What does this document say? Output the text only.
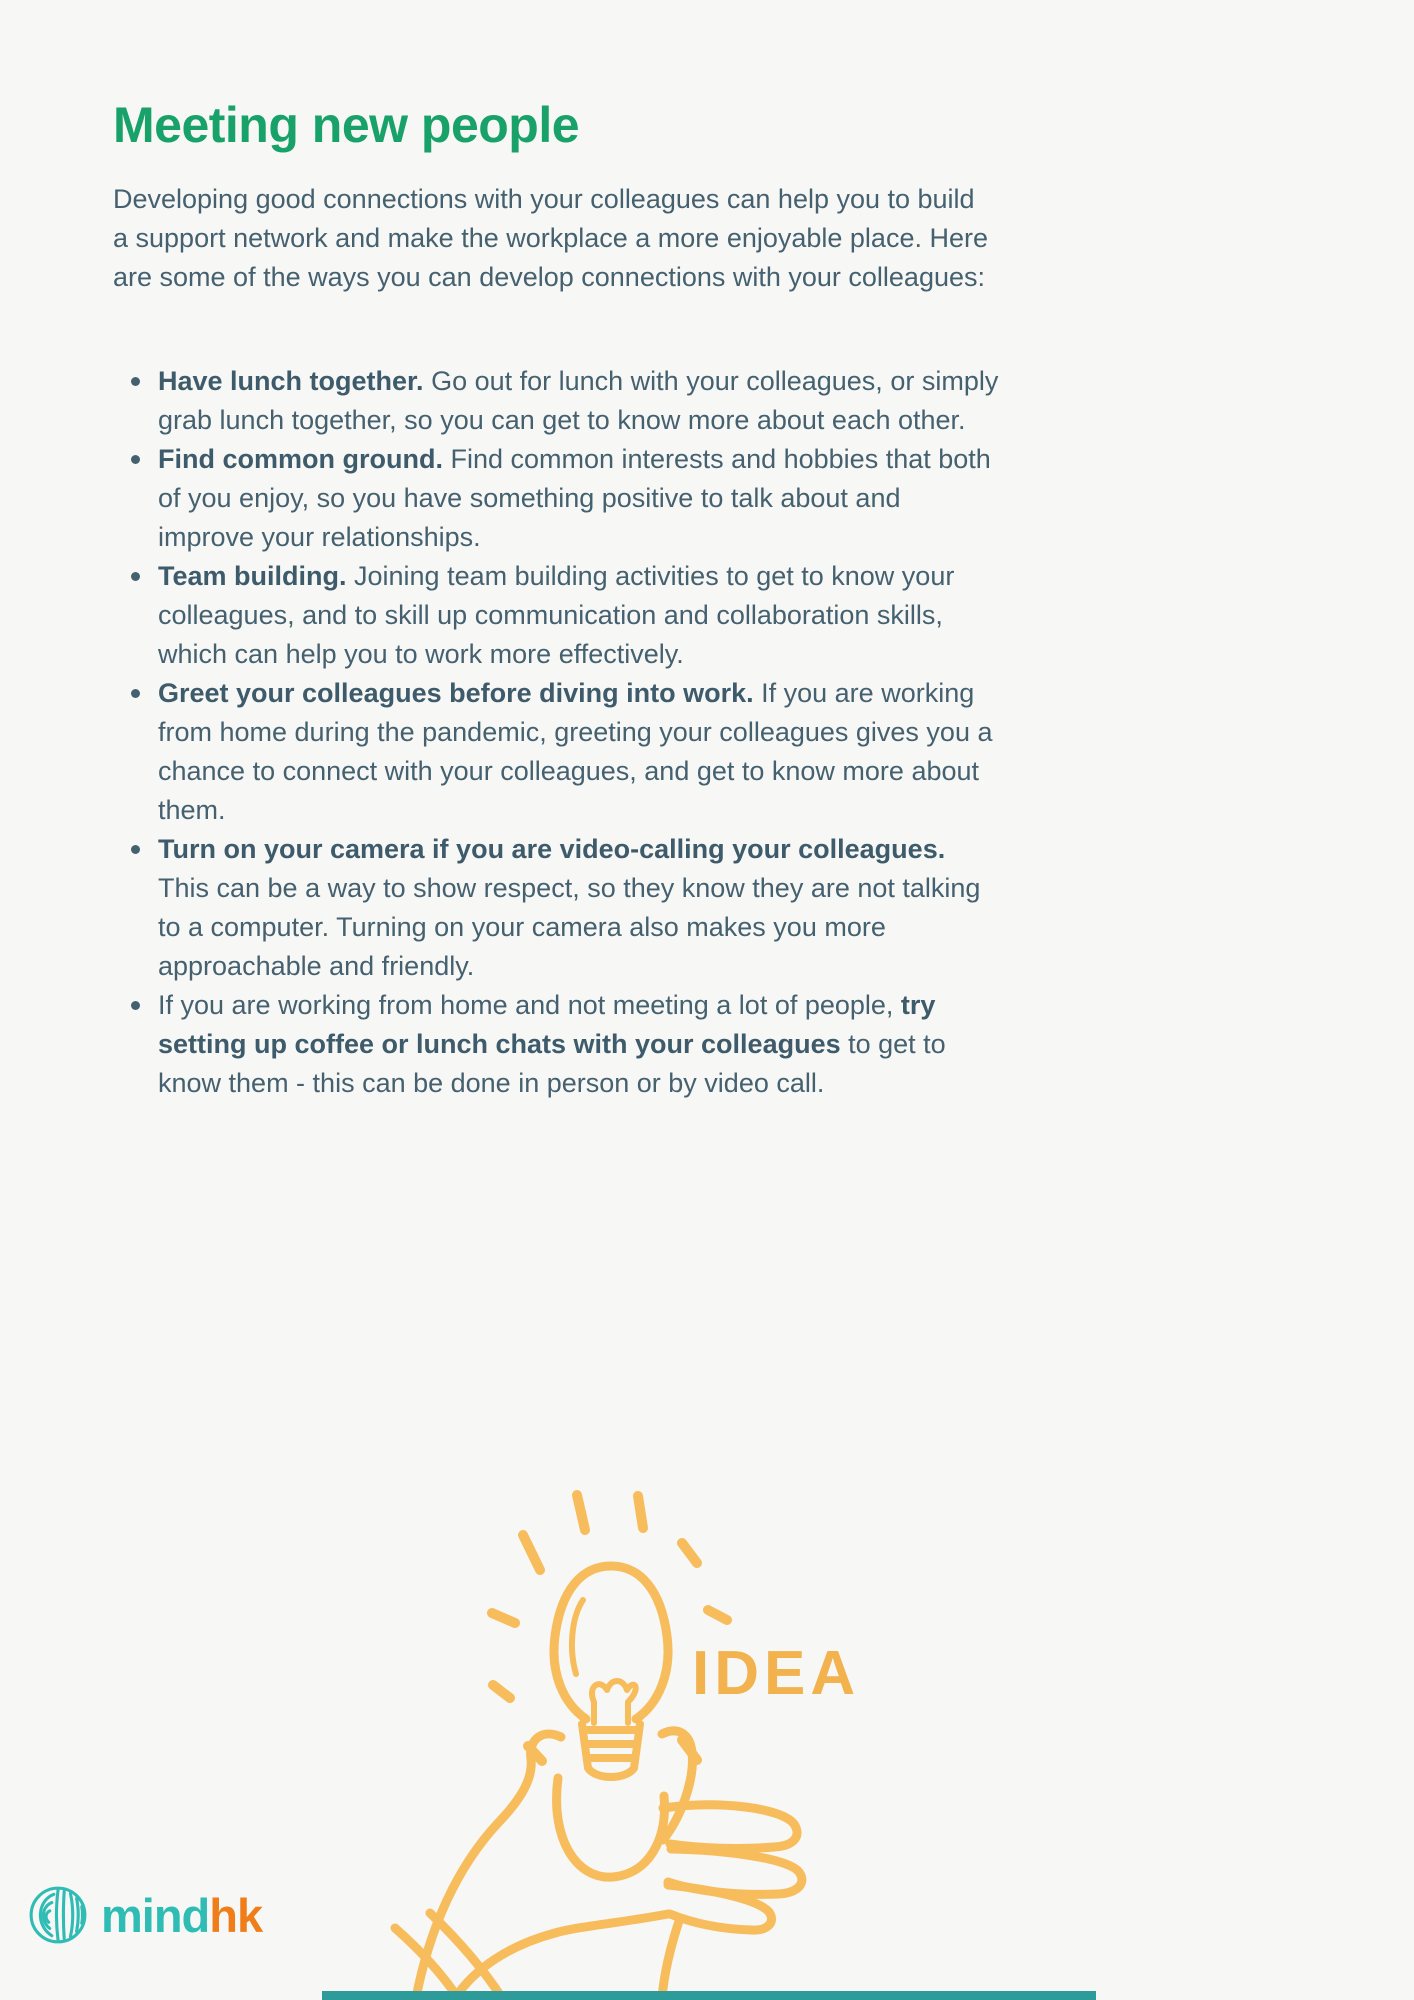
Meeting new people

Developing good connections with your colleagues can help you to build a support network and make the workplace a more enjoyable place. Here are some of the ways you can develop connections with your colleagues:

Have lunch together. Go out for lunch with your colleagues, or simply grab lunch together, so you can get to know more about each other.
Find common ground. Find common interests and hobbies that both of you enjoy, so you have something positive to talk about and improve your relationships.
Team building. Joining team building activities to get to know your colleagues, and to skill up communication and collaboration skills, which can help you to work more effectively.
Greet your colleagues before diving into work. If you are working from home during the pandemic, greeting your colleagues gives you a chance to connect with your colleagues, and get to know more about them.
Turn on your camera if you are video-calling your colleagues. This can be a way to show respect, so they know they are not talking to a computer. Turning on your camera also makes you more approachable and friendly.
If you are working from home and not meeting a lot of people, try setting up coffee or lunch chats with your colleagues to get to know them - this can be done in person or by video call.
IDEA
mindhk
